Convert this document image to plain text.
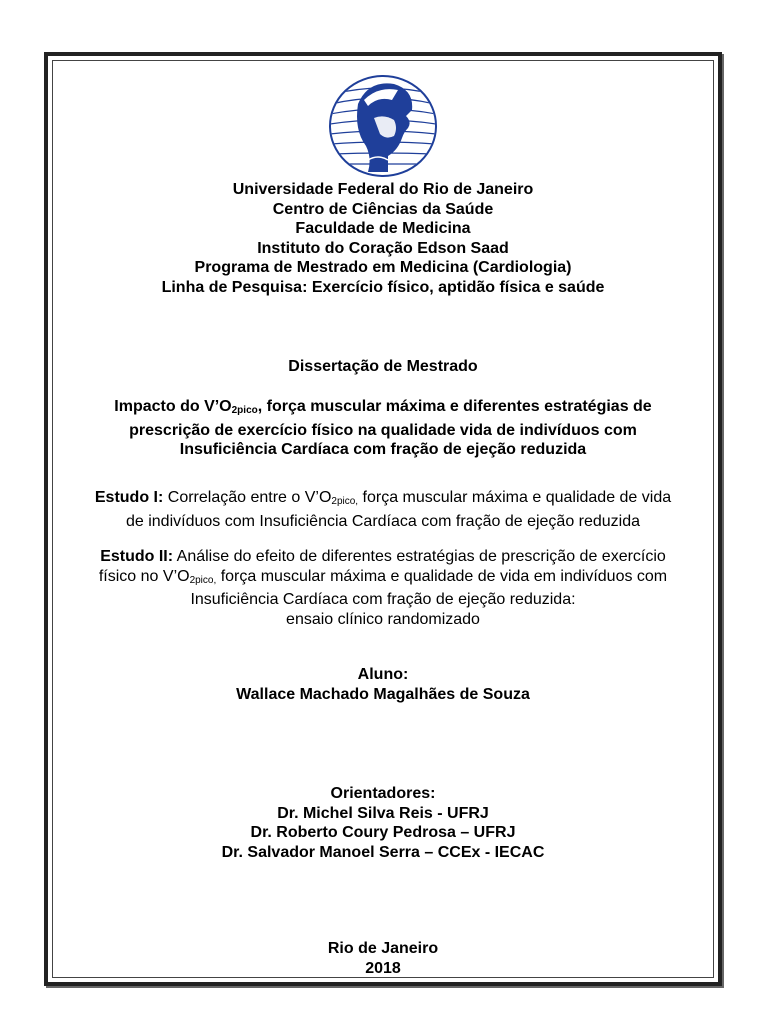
Universidade Federal do Rio de Janeiro
Centro de Ciências da Saúde
Faculdade de Medicina
Instituto do Coração Edson Saad
Programa de Mestrado em Medicina (Cardiologia)
Linha de Pesquisa: Exercício físico, aptidão física e saúde
Dissertação de Mestrado
Impacto do $V’O_{2pico}$, força muscular máxima e diferentes estratégias de
prescrição de exercício físico na qualidade vida de indivíduos com
Insuficiência Cardíaca com fração de ejeção reduzida
Estudo I: Correlação entre o $V’O_{2pico,}$ força muscular máxima e qualidade de vida
de indivíduos com Insuficiência Cardíaca com fração de ejeção reduzida
Estudo II: Análise do efeito de diferentes estratégias de prescrição de exercício
físico no $V’O_{2pico,}$ força muscular máxima e qualidade de vida em indivíduos com
Insuficiência Cardíaca com fração de ejeção reduzida:
ensaio clínico randomizado
Aluno:
Wallace Machado Magalhães de Souza
Orientadores:
Dr. Michel Silva Reis - UFRJ
Dr. Roberto Coury Pedrosa – UFRJ
Dr. Salvador Manoel Serra – CCEx - IECAC
Rio de Janeiro
2018
